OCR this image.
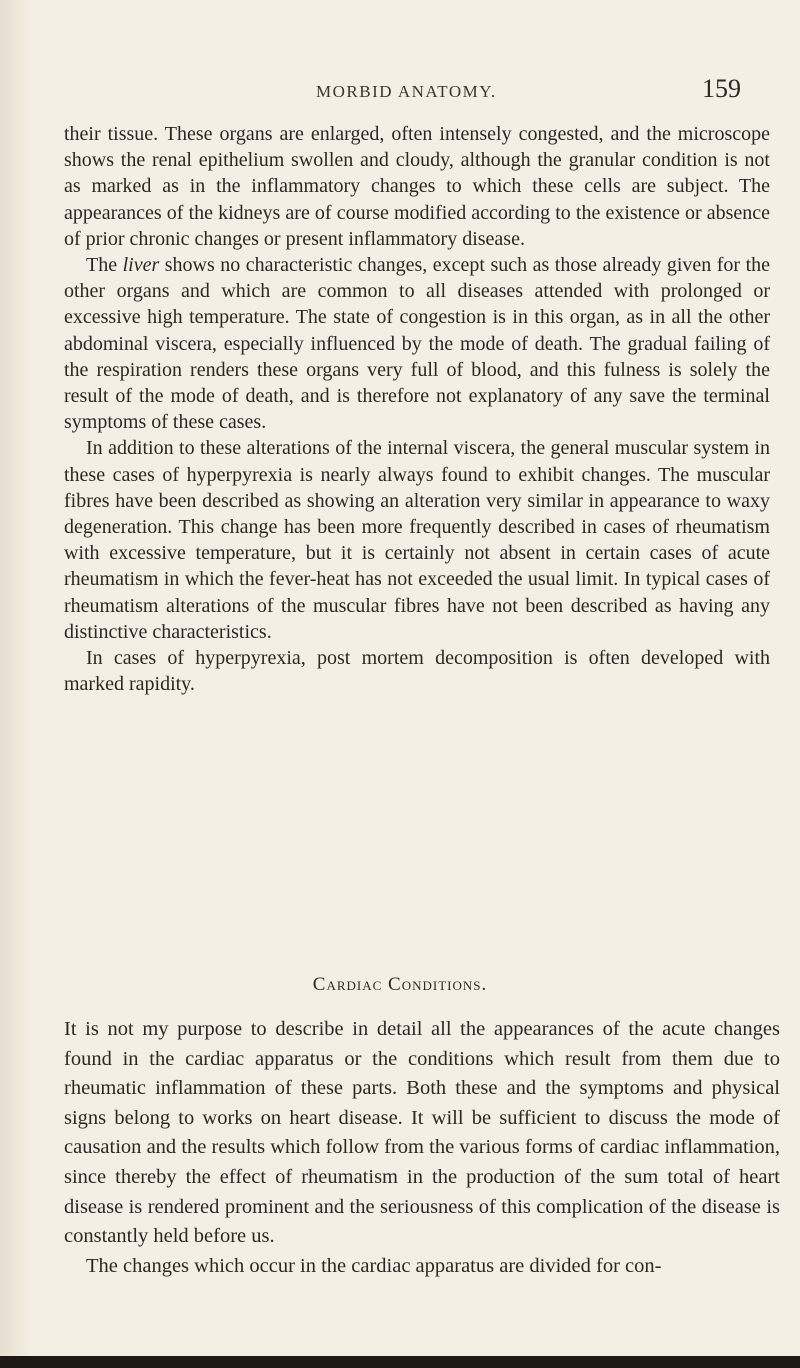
MORBID ANATOMY.	159

their tissue. These organs are enlarged, often intensely congested, and the microscope shows the renal epithelium swollen and cloudy, although the granular condition is not as marked as in the inflammatory changes to which these cells are subject. The appearances of the kidneys are of course modified according to the existence or absence of prior chronic changes or present inflammatory disease.

The liver shows no characteristic changes, except such as those already given for the other organs and which are common to all diseases attended with prolonged or excessive high temperature. The state of congestion is in this organ, as in all the other abdominal viscera, especially influenced by the mode of death. The gradual failing of the respiration renders these organs very full of blood, and this fulness is solely the result of the mode of death, and is therefore not explanatory of any save the terminal symptoms of these cases.

In addition to these alterations of the internal viscera, the general muscular system in these cases of hyperpyrexia is nearly always found to exhibit changes. The muscular fibres have been described as showing an alteration very similar in appearance to waxy degeneration. This change has been more frequently described in cases of rheumatism with excessive temperature, but it is certainly not absent in certain cases of acute rheumatism in which the fever-heat has not exceeded the usual limit. In typical cases of rheumatism alterations of the muscular fibres have not been described as having any distinctive characteristics.

In cases of hyperpyrexia, post mortem decomposition is often developed with marked rapidity.

Cardiac Conditions.

It is not my purpose to describe in detail all the appearances of the acute changes found in the cardiac apparatus or the conditions which result from them due to rheumatic inflammation of these parts. Both these and the symptoms and physical signs belong to works on heart disease. It will be sufficient to discuss the mode of causation and the results which follow from the various forms of cardiac inflammation, since thereby the effect of rheumatism in the production of the sum total of heart disease is rendered prominent and the seriousness of this complication of the disease is constantly held before us.

The changes which occur in the cardiac apparatus are divided for con-
